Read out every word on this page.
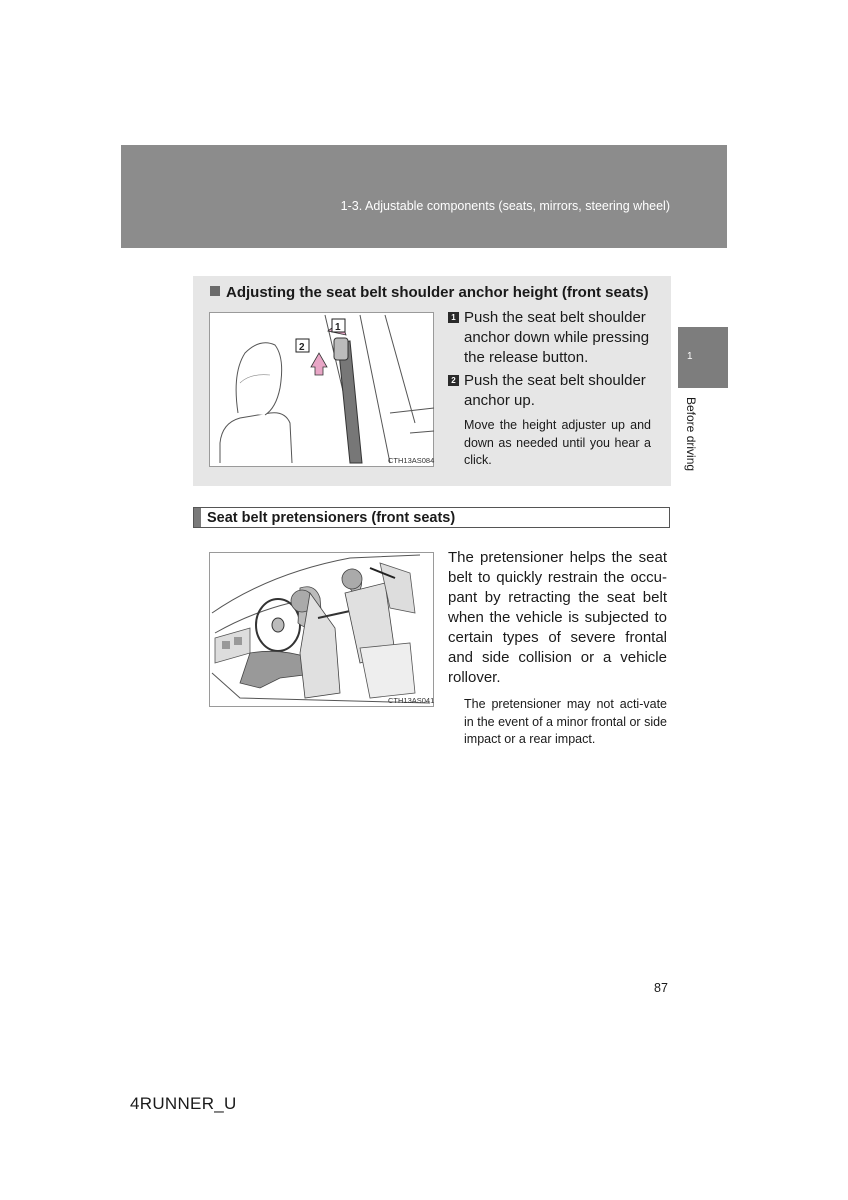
1-3. Adjustable components (seats, mirrors, steering wheel)
1
Before driving
Adjusting the seat belt shoulder anchor height (front seats)
1
2
CTH13AS084
1 Push the seat belt shoulder anchor down while pressing the release button.
2 Push the seat belt shoulder anchor up.
Move the height adjuster up and down as needed until you hear a click.
Seat belt pretensioners (front seats)
CTH13AS041
The pretensioner helps the seat belt to quickly restrain the occu-pant by retracting the seat belt when the vehicle is subjected to certain types of severe frontal and side collision or a vehicle rollover.
The pretensioner may not acti-vate in the event of a minor frontal or side impact or a rear impact.
87
4RUNNER_U
